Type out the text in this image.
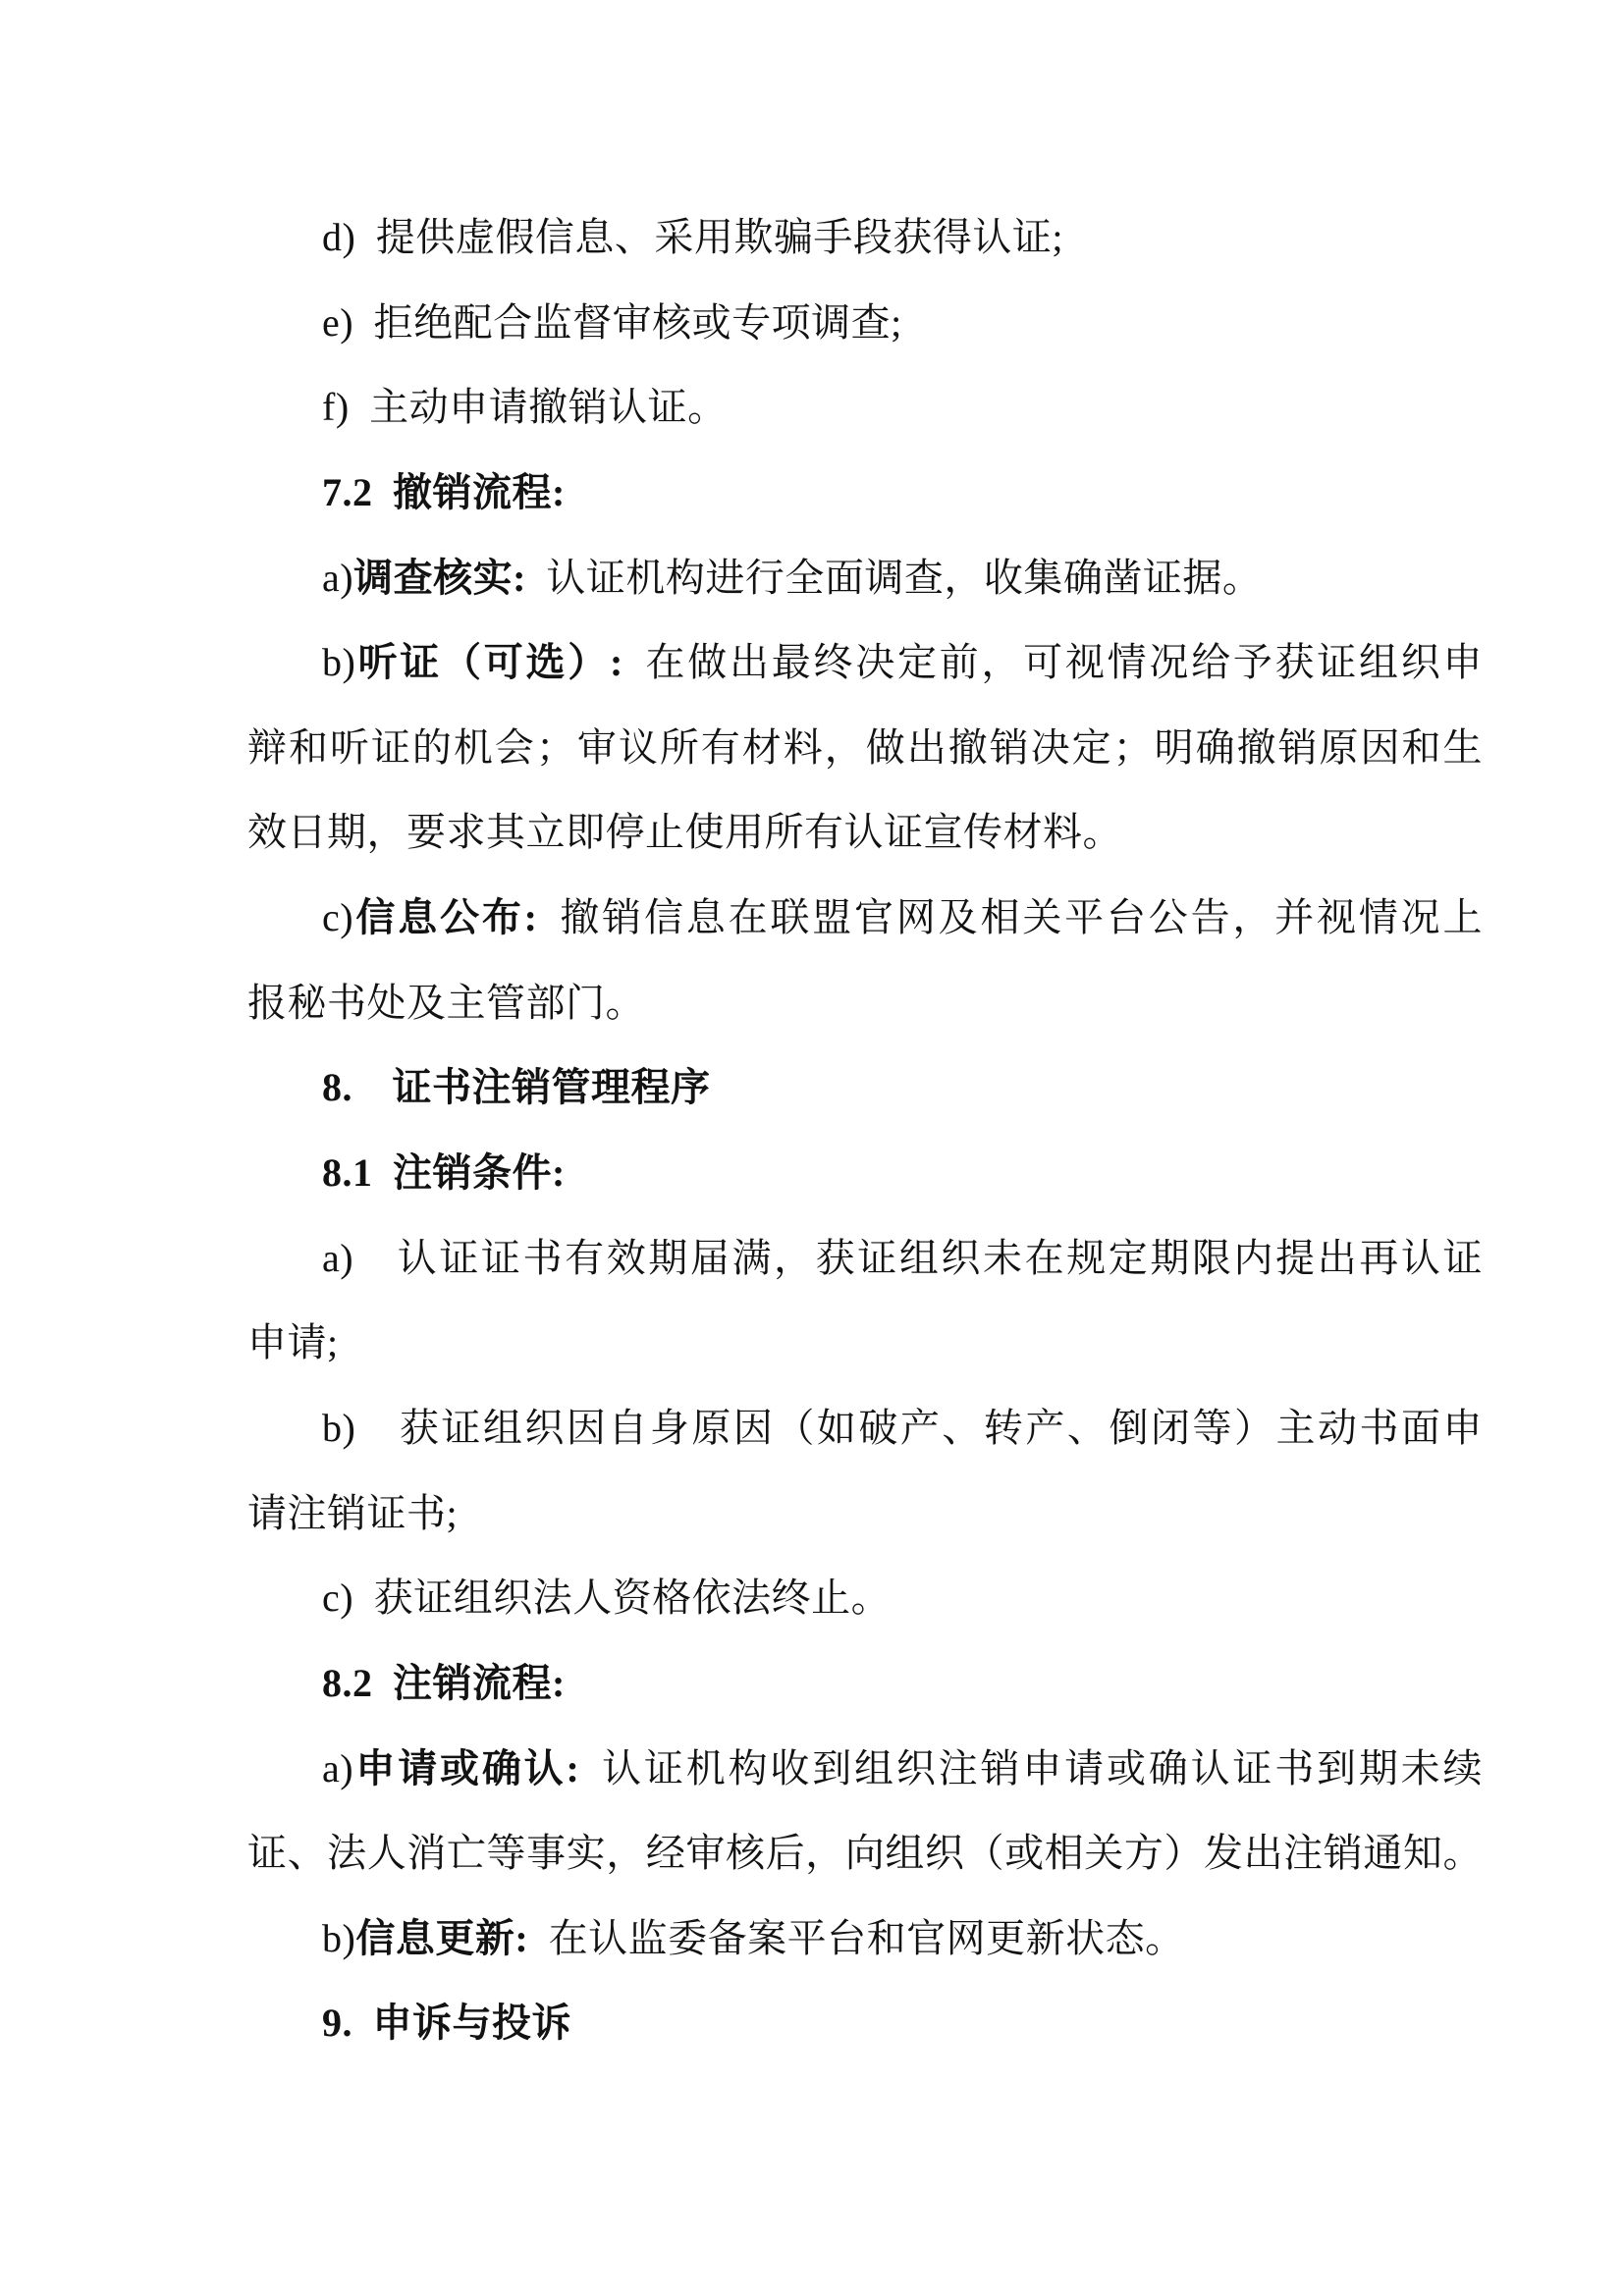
d) 提供虚假信息、采用欺骗手段获得认证;
e) 拒绝配合监督审核或专项调查;
f) 主动申请撤销认证。
7.2 撤销流程:
a)调查核实: 认证机构进行全面调查，收集确凿证据。
b)听证（可选）: 在做出最终决定前，可视情况给予获证组织申
辩和听证的机会；审议所有材料，做出撤销决定；明确撤销原因和生
效日期，要求其立即停止使用所有认证宣传材料。
c)信息公布: 撤销信息在联盟官网及相关平台公告，并视情况上
报秘书处及主管部门。
8.　证书注销管理程序
8.1 注销条件:
a)　认证证书有效期届满，获证组织未在规定期限内提出再认证
申请;
b)　获证组织因自身原因（如破产、转产、倒闭等）主动书面申
请注销证书;
c) 获证组织法人资格依法终止。
8.2 注销流程:
a)申请或确认: 认证机构收到组织注销申请或确认证书到期未续
证、法人消亡等事实，经审核后，向组织（或相关方）发出注销通知。
b)信息更新: 在认监委备案平台和官网更新状态。
9. 申诉与投诉
